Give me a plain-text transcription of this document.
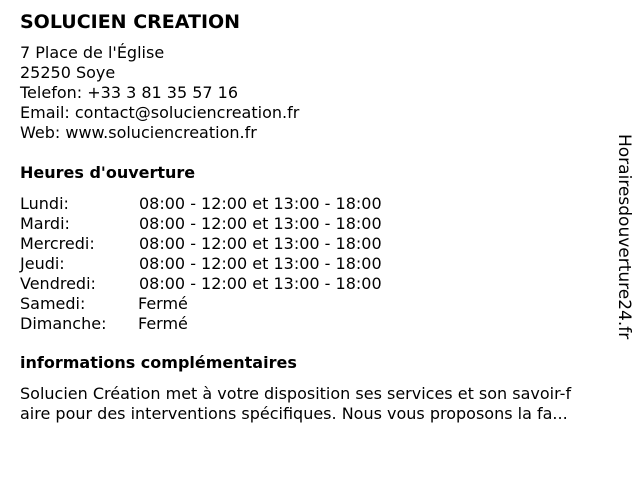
SOLUCIEN CREATION
7 Place de l'Église
25250 Soye
Telefon: +33 3 81 35 57 16
Email: contact@soluciencreation.fr
Web: www.soluciencreation.fr
Heures d'ouverture
Lundi:	08:00 - 12:00 et 13:00 - 18:00
Mardi:	08:00 - 12:00 et 13:00 - 18:00
Mercredi:	08:00 - 12:00 et 13:00 - 18:00
Jeudi:	08:00 - 12:00 et 13:00 - 18:00
Vendredi:	08:00 - 12:00 et 13:00 - 18:00
Samedi:	Fermé
Dimanche: Fermé
informations complémentaires
Solucien Création met à votre disposition ses services et son savoir-f
aire pour des interventions spécifiques. Nous vous proposons la fa...
Horairesdouverture24.fr
